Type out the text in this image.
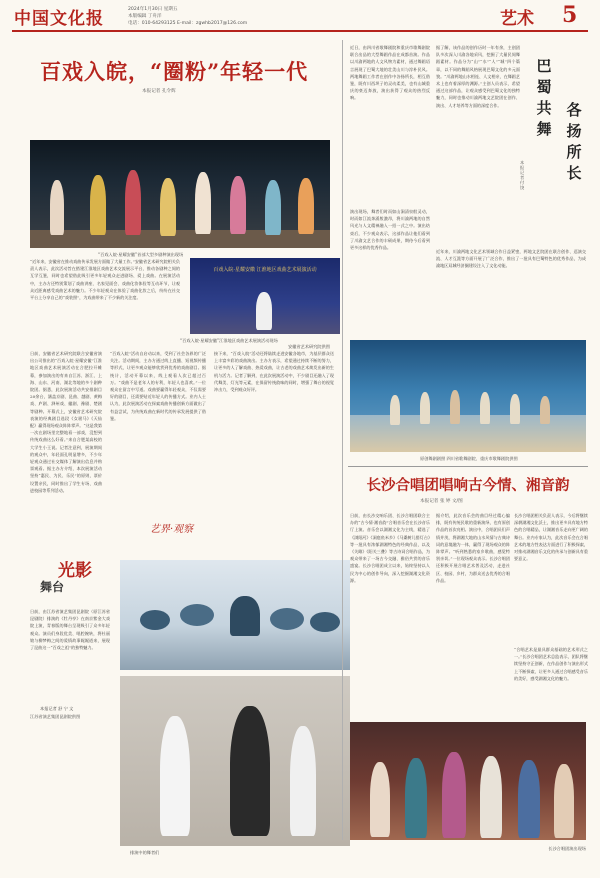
中国文化报	2024年1月30日 星期五
本版编辑 丁舟洋
电话：010-64293125 E-mail：zgwhb2017@126.com	艺术 5
百戏入皖，“圈粉”年轻一代
本报记者 孔令辉
“百戏入皖·星耀安徽”首部大型多剧种演出现场
百戏入皖·星耀安徽 江淮地区戏曲艺术展演活动
“百戏入皖·星耀安徽”江淮地区戏曲艺术展演活动现场
安徽省艺术研究院供图
日前，安徽省艺术研究院联合安徽省演出公司推出的“百戏入皖·星耀安徽”江淮地区戏曲艺术展演活动在合肥拉开帷幕，参加演出的有来自江苏、浙江、上海、山东、河南、湖北等地的多个剧种院团。据悉，此次展演活动共安排剧目20余台，涵盖京剧、昆曲、越剧、黄梅戏、庐剧、泗州戏、徽剧、豫剧、楚剧等剧种。开幕式上，安徽省艺术研究院表演的经典剧目选段《女驸马》《天仙配》赢得现场观众阵阵掌声。“这是我第一次在剧场里完整地看一部戏，没想到传统戏曲这么好看。”来自合肥某高校的大学生小王说。记者注意到，展演期间的观众中，年轻面孔明显增多，不少年轻观众通过社交媒体了解演出信息并购票观看。据主办方介绍，本次展演活动坚持“惠民、为民、乐民”的原则，票价设置亲民，同时推出了学生专场、戏曲进校园等系列活动。
“近年来，安徽省在推动戏曲传承发展方面做了大量工作。”安徽省艺术研究院相关负责人表示，此次活动旨在搭建江淮地区戏曲艺术交流展示平台，推动各剧种之间的互学互鉴，同时也希望借此吸引更多年轻观众走进剧场、爱上戏曲。在展演活动中，主办方还特别策划了戏曲讲座、名家见面会、戏曲化妆体验等互动环节，让观众近距离感受戏曲艺术的魅力。不少年轻观众在体验了戏曲化妆之后，纷纷在社交平台上分享自己的“戏装照”，为戏曲带来了不少新的关注度。
“百戏入皖”活动自启动以来，受到了社会各界的广泛关注。活动期间，主办方通过线上直播、短视频传播等形式，让更多观众能够欣赏到优秀的戏曲剧目。据统计，活动开幕以来，线上观看人次已超过百万。“戏曲不是老年人的专利，年轻人也喜欢。”一位观众在留言中写道。戏曲要赢得年轻观众，不仅需要好的剧目，还需要贴近年轻人的传播方式。业内人士认为，此次展演活动在探索戏曲传播创新方面做出了有益尝试，为传统戏曲在新时代的传承发展提供了借鉴。
接下来，“百戏入皖”活动还将陆续走进安徽各地市，为基层群众送上丰富多彩的戏曲演出。主办方表示，希望通过持续不断的努力，让更多的人了解戏曲、热爱戏曲，让古老的戏曲艺术焕发出新的生机与活力。记者了解到，在此次展演活动中，不少剧目还融入了现代舞美、灯光等元素，在保留传统韵味的同时，增强了舞台的视觉冲击力，受到观众好评。
光影
舞台
日前，由江苏省演艺集团昆剧院（原江苏省昆剧院）排演的《牡丹亭》在南京紫金大戏院上演，青春版的舞台呈现吸引了众多年轻观众。演员们身段优美、唱腔婉转，将杜丽娘与柳梦梅之间的爱情故事娓娓道来，展现了昆曲这一“百戏之祖”的独特魅力。
本报记者 舒 宁 文
江苏省演艺集团昆剧院供图
艺界·观察
排演中的舞者们
巴
蜀
共
舞
各
扬
所
长
本报记者 付 饶
近日，由四川省歌舞剧院和重庆市歌舞剧院联合出品的大型舞蹈作品在成都首演。作品以川渝两地的人文风物为素材，通过舞蹈语言展现了巴蜀大地的壮美山川与淳朴民风。两地舞蹈工作者在创作中各扬所长，相互借鉴，既有川西坝子的灵动柔美，也有山城重庆的豪迈奔放，演出获得了观众的热烈反响。
据了解，该作品的创作历时一年有余，主创团队多次深入川渝各地采风，挖掘了大量民间舞蹈素材。作品分为“山”“水”“人”“城”四个篇章，以不同的舞蹈风格展现巴蜀文化的多元面貌。“川渝两地山水相连、人文相亲，在舞蹈艺术上也有着深厚的渊源。”主创人员表示，希望通过这部作品，让观众感受到巴蜀文化的独特魅力，同时也推动川渝两地文艺院团在创作、演出、人才培养等方面的深度合作。
演出现场，舞者们时而如山涧清泉般灵动，时而如江流奔涌般激昂，将川渝两地的自然风光与人文精神融入一招一式之中。演出结束后，不少观众表示，这部作品让他们看到了川渝文艺合作的丰硕成果，期待今后看到更多这样的优秀作品。
近年来，川渝两地文化艺术领域合作日益紧密，两地文艺院团在联合创作、巡演交流、人才互派等方面开展了广泛合作，推出了一批具有巴蜀特色的优秀作品，为成渝地区双城经济圈建设注入了文化动能。
原创舞剧剧照 四川省歌舞剧院、重庆市歌舞剧院供图
长沙合唱团唱响古今情、湘音韵
本报记者 张 婷 文/图
日前，由长沙交响乐团、长沙合唱团联合主办的“古今情·湘音韵”合唱音乐会在长沙音乐厅上演。音乐会以湖湘文化为主线，精选了《浏阳河》《洞庭鱼米乡》《马桑树儿搭灯台》等一批具有浓郁湖湘特色的经典作品，以及《关雎》《阳关三叠》等古诗词合唱作品，为观众带来了一场古今交融、雅俗共赏的音乐盛宴。长沙合唱团成立以来，始终坚持以人民为中心的创作导向，深入挖掘湖湘文化资源。
据介绍，此次音乐会的曲目经过精心编排，既有传统民歌的重新演绎，也有原创作品的首次亮相。演出中，合唱团员们声情并茂，将湖湘大地的山水风情与古典诗词的意境融为一体，赢得了现场观众的阵阵掌声。“听到熟悉的家乡歌曲，感觉特别亲切。”一位现场观众表示。长沙合唱团还积极开展合唱艺术普及活动，走进社区、校园、乡村，为群众送去优秀的合唱作品。
长沙合唱团相关负责人表示，今后将继续深耕湖湘文化沃土，推出更多具有地方特色的合唱精品，让湖湘音乐走向更广阔的舞台。业内专家认为，此次音乐会在合唱艺术的地方性表达方面进行了积极探索，对推动湖湘音乐文化的传承与创新具有重要意义。
“合唱艺术是最具群众基础的艺术形式之一。”长沙合唱团艺术总监表示，团队将继续坚持守正创新，在作品创作与演出形式上不断探索，让更多人通过合唱感受音乐的美好，感受湖湘文化的魅力。
长沙合唱团演出现场
